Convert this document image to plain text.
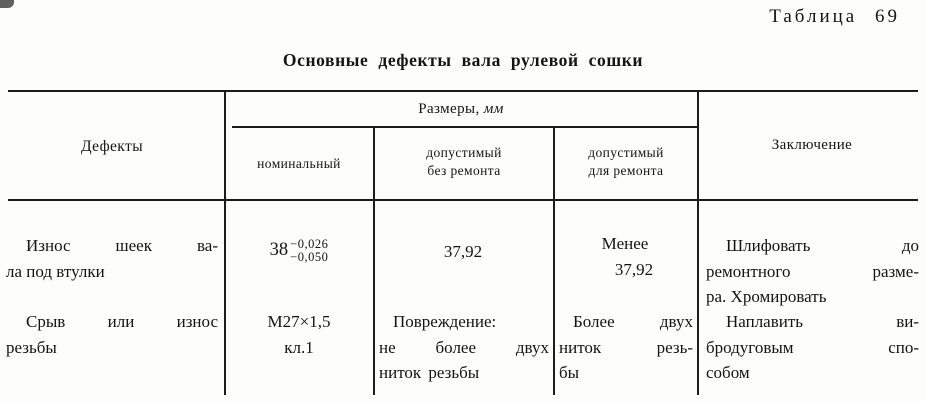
Таблица 69
Основные дефекты вала рулевой сошки
Дефекты
Размеры, мм
номинальный
допустимый
без ремонта
допустимый
для ремонта
Заключение
Износ шеек ва-
ла под втулки
38 −0,026
−0,050	37,92	Менее
37,92
Шлифовать до
ремонтного разме-
ра. Хромировать
Срыв или износ
резьбы
М27×1,5
кл.1
Повреждение:
не более двух
ниток резьбы
Более двух
ниток резь-
бы
Наплавить ви-
бродуговым спо-
собом
